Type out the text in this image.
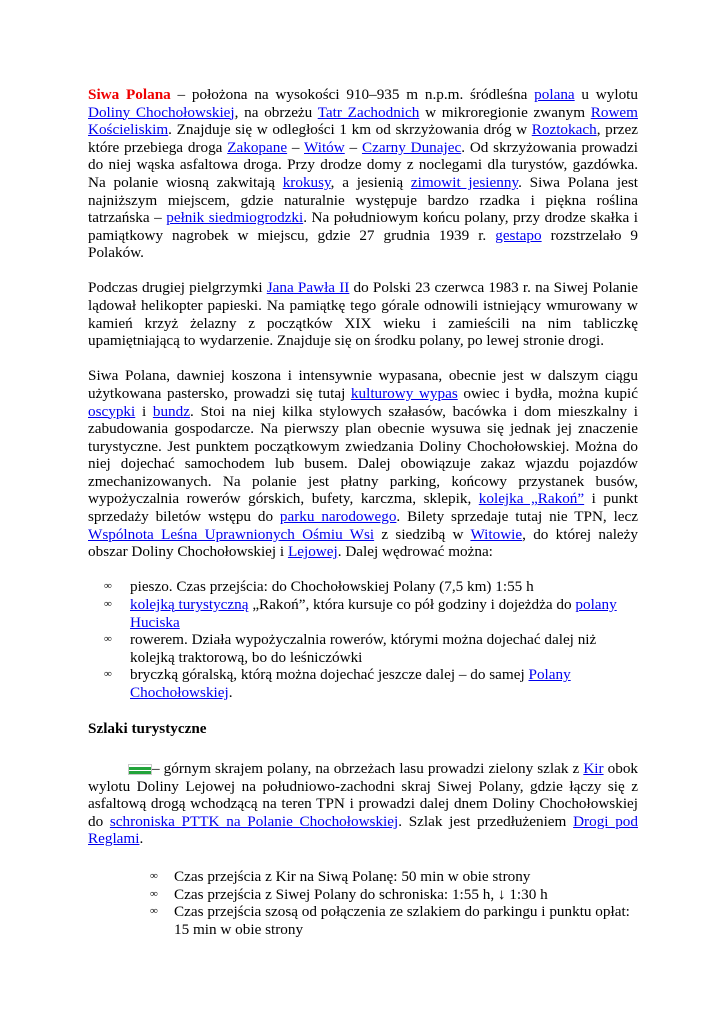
Siwa Polana – położona na wysokości 910–935 m n.p.m. śródleśna polana u wylotu Doliny Chochołowskiej, na obrzeżu Tatr Zachodnich w mikroregionie zwanym Rowem Kościeliskim. Znajduje się w odległości 1 km od skrzyżowania dróg w Roztokach, przez które przebiega droga Zakopane – Witów – Czarny Dunajec. Od skrzyżowania prowadzi do niej wąska asfaltowa droga. Przy drodze domy z noclegami dla turystów, gazdówka. Na polanie wiosną zakwitają krokusy, a jesienią zimowit jesienny. Siwa Polana jest najniższym miejscem, gdzie naturalnie występuje bardzo rzadka i piękna roślina tatrzańska – pełnik siedmiogrodzki. Na południowym końcu polany, przy drodze skałka i pamiątkowy nagrobek w miejscu, gdzie 27 grudnia 1939 r. gestapo rozstrzelało 9 Polaków.

Podczas drugiej pielgrzymki Jana Pawła II do Polski 23 czerwca 1983 r. na Siwej Polanie lądował helikopter papieski. Na pamiątkę tego górale odnowili istniejący wmurowany w kamień krzyż żelazny z początków XIX wieku i zamieścili na nim tabliczkę upamiętniającą to wydarzenie. Znajduje się on środku polany, po lewej stronie drogi.

Siwa Polana, dawniej koszona i intensywnie wypasana, obecnie jest w dalszym ciągu użytkowana pastersko, prowadzi się tutaj kulturowy wypas owiec i bydła, można kupić oscypki i bundz. Stoi na niej kilka stylowych szałasów, bacówka i dom mieszkalny i zabudowania gospodarcze. Na pierwszy plan obecnie wysuwa się jednak jej znaczenie turystyczne. Jest punktem początkowym zwiedzania Doliny Chochołowskiej. Można do niej dojechać samochodem lub busem. Dalej obowiązuje zakaz wjazdu pojazdów zmechanizowanych. Na polanie jest płatny parking, końcowy przystanek busów, wypożyczalnia rowerów górskich, bufety, karczma, sklepik, kolejka „Rakoń” i punkt sprzedaży biletów wstępu do parku narodowego. Bilety sprzedaje tutaj nie TPN, lecz Wspólnota Leśna Uprawnionych Ośmiu Wsi z siedzibą w Witowie, do której należy obszar Doliny Chochołowskiej i Lejowej. Dalej wędrować można:

∞	pieszo. Czas przejścia: do Chochołowskiej Polany (7,5 km) 1:55 h
∞	kolejką turystyczną „Rakoń”, która kursuje co pół godziny i dojeżdża do polany Huciska
∞	rowerem. Działa wypożyczalnia rowerów, którymi można dojechać dalej niż kolejką traktorową, bo do leśniczówki
∞	bryczką góralską, którą można dojechać jeszcze dalej – do samej Polany Chochołowskiej.
Szlaki turystyczne

– górnym skrajem polany, na obrzeżach lasu prowadzi zielony szlak z Kir obok wylotu Doliny Lejowej na południowo-zachodni skraj Siwej Polany, gdzie łączy się z asfaltową drogą wchodzącą na teren TPN i prowadzi dalej dnem Doliny Chochołowskiej do schroniska PTTK na Polanie Chochołowskiej. Szlak jest przedłużeniem Drogi pod Reglami.

∞ Czas przejścia z Kir na Siwą Polanę: 50 min w obie strony
∞ Czas przejścia z Siwej Polany do schroniska: 1:55 h, ↓ 1:30 h
∞ Czas przejścia szosą od połączenia ze szlakiem do parkingu i punktu opłat: 15 min w obie strony
